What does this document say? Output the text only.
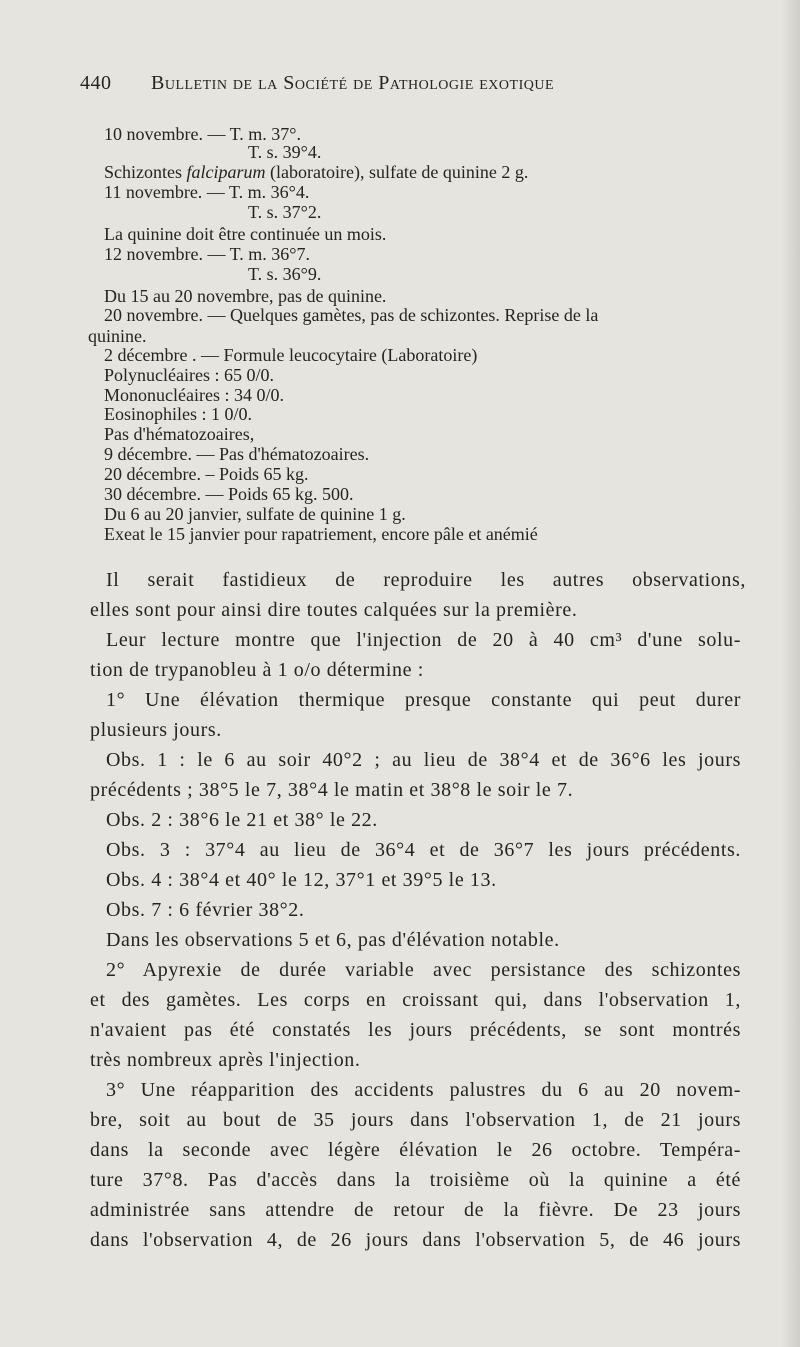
440 Bulletin de la Société de Pathologie exotique
10 novembre. — T. m. 37°.
T. s. 39°4.
Schizontes falciparum (laboratoire), sulfate de quinine 2 g.
11 novembre. — T. m. 36°4.
T. s. 37°2.
La quinine doit être continuée un mois.
12 novembre. — T. m. 36°7.
T. s. 36°9.
Du 15 au 20 novembre, pas de quinine.
20 novembre. — Quelques gamètes, pas de schizontes. Reprise de la
quinine.
2 décembre . — Formule leucocytaire (Laboratoire)
Polynucléaires : 65 0/0.
Mononucléaires : 34 0/0.
Eosinophiles : 1 0/0.
Pas d'hématozoaires,
9 décembre. — Pas d'hématozoaires.
20 décembre. – Poids 65 kg.
30 décembre. — Poids 65 kg. 500.
Du 6 au 20 janvier, sulfate de quinine 1 g.
Exeat le 15 janvier pour rapatriement, encore pâle et anémié
Il serait fastidieux de reproduire les autres observations,
elles sont pour ainsi dire toutes calquées sur la première.
Leur lecture montre que l'injection de 20 à 40 cm³ d'une solu-
tion de trypanobleu à 1 o/o détermine :
1° Une élévation thermique presque constante qui peut durer
plusieurs jours.
Obs. 1 : le 6 au soir 40°2 ; au lieu de 38°4 et de 36°6 les jours
précédents ; 38°5 le 7, 38°4 le matin et 38°8 le soir le 7.
Obs. 2 : 38°6 le 21 et 38° le 22.
Obs. 3 : 37°4 au lieu de 36°4 et de 36°7 les jours précédents.
Obs. 4 : 38°4 et 40° le 12, 37°1 et 39°5 le 13.
Obs. 7 : 6 février 38°2.
Dans les observations 5 et 6, pas d'élévation notable.
2° Apyrexie de durée variable avec persistance des schizontes
et des gamètes. Les corps en croissant qui, dans l'observation 1,
n'avaient pas été constatés les jours précédents, se sont montrés
très nombreux après l'injection.
3° Une réapparition des accidents palustres du 6 au 20 novem-
bre, soit au bout de 35 jours dans l'observation 1, de 21 jours
dans la seconde avec légère élévation le 26 octobre. Tempéra-
ture 37°8. Pas d'accès dans la troisième où la quinine a été
administrée sans attendre de retour de la fièvre. De 23 jours
dans l'observation 4, de 26 jours dans l'observation 5, de 46 jours
